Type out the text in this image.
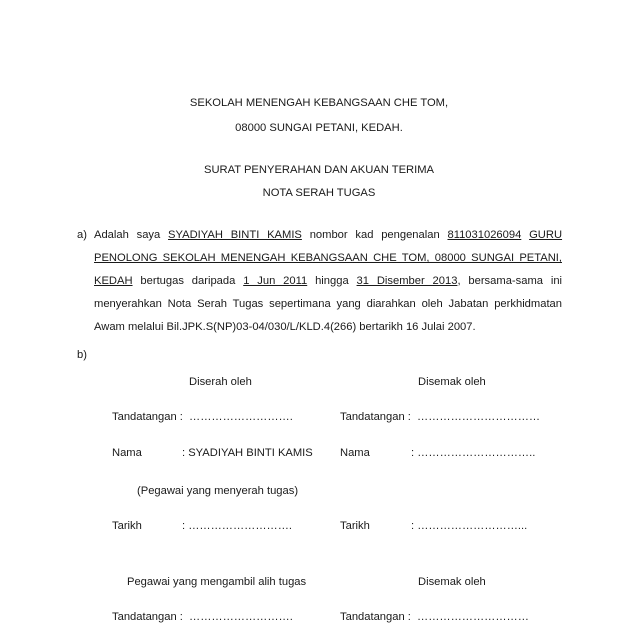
SEKOLAH MENENGAH KEBANGSAAN CHE TOM,
08000 SUNGAI PETANI, KEDAH.
SURAT PENYERAHAN DAN AKUAN TERIMA
NOTA SERAH TUGAS
a) Adalah saya SYADIYAH BINTI KAMIS nombor kad pengenalan 811031026094 GURU
PENOLONG SEKOLAH MENENGAH KEBANGSAAN CHE TOM, 08000 SUNGAI PETANI,
KEDAH bertugas daripada 1 Jun 2011 hingga 31 Disember 2013, bersama-sama ini
menyerahkan Nota Serah Tugas sepertimana yang diarahkan oleh Jabatan perkhidmatan
Awam melalui Bil.JPK.S(NP)03-04/030/L/KLD.4(266) bertarikh 16 Julai 2007.
b)
Diserah oleh	Disemak oleh
Tandatangan : ……………………….	Tandatangan : ……………………………
Nama	: SYADIYAH BINTI KAMIS Nama	: …………………………..
(Pegawai yang menyerah tugas)
Tarikh	: ……………………….	Tarikh	: ………………………...
Pegawai yang mengambil alih tugas	Disemak oleh
Tandatangan : ……………………….	Tandatangan : …………………………
